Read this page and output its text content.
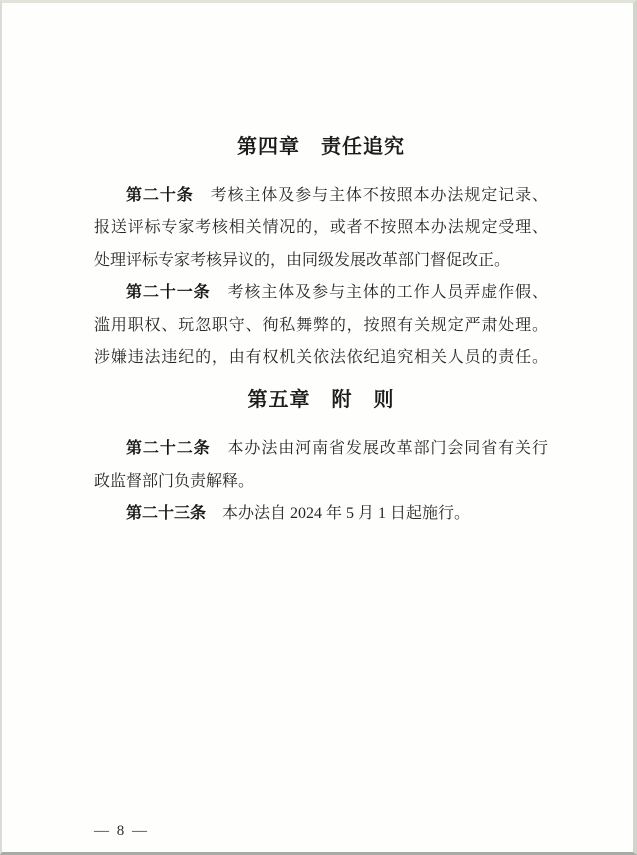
第四章　责任追究
第二十条　考核主体及参与主体不按照本办法规定记录、
报送评标专家考核相关情况的，或者不按照本办法规定受理、
处理评标专家考核异议的，由同级发展改革部门督促改正。
第二十一条　考核主体及参与主体的工作人员弄虚作假、
滥用职权、玩忽职守、徇私舞弊的，按照有关规定严肃处理。
涉嫌违法违纪的，由有权机关依法依纪追究相关人员的责任。
第五章　附　则
第二十二条　本办法由河南省发展改革部门会同省有关行
政监督部门负责解释。
第二十三条　本办法自 2024 年 5 月 1 日起施行。
— 8 —
